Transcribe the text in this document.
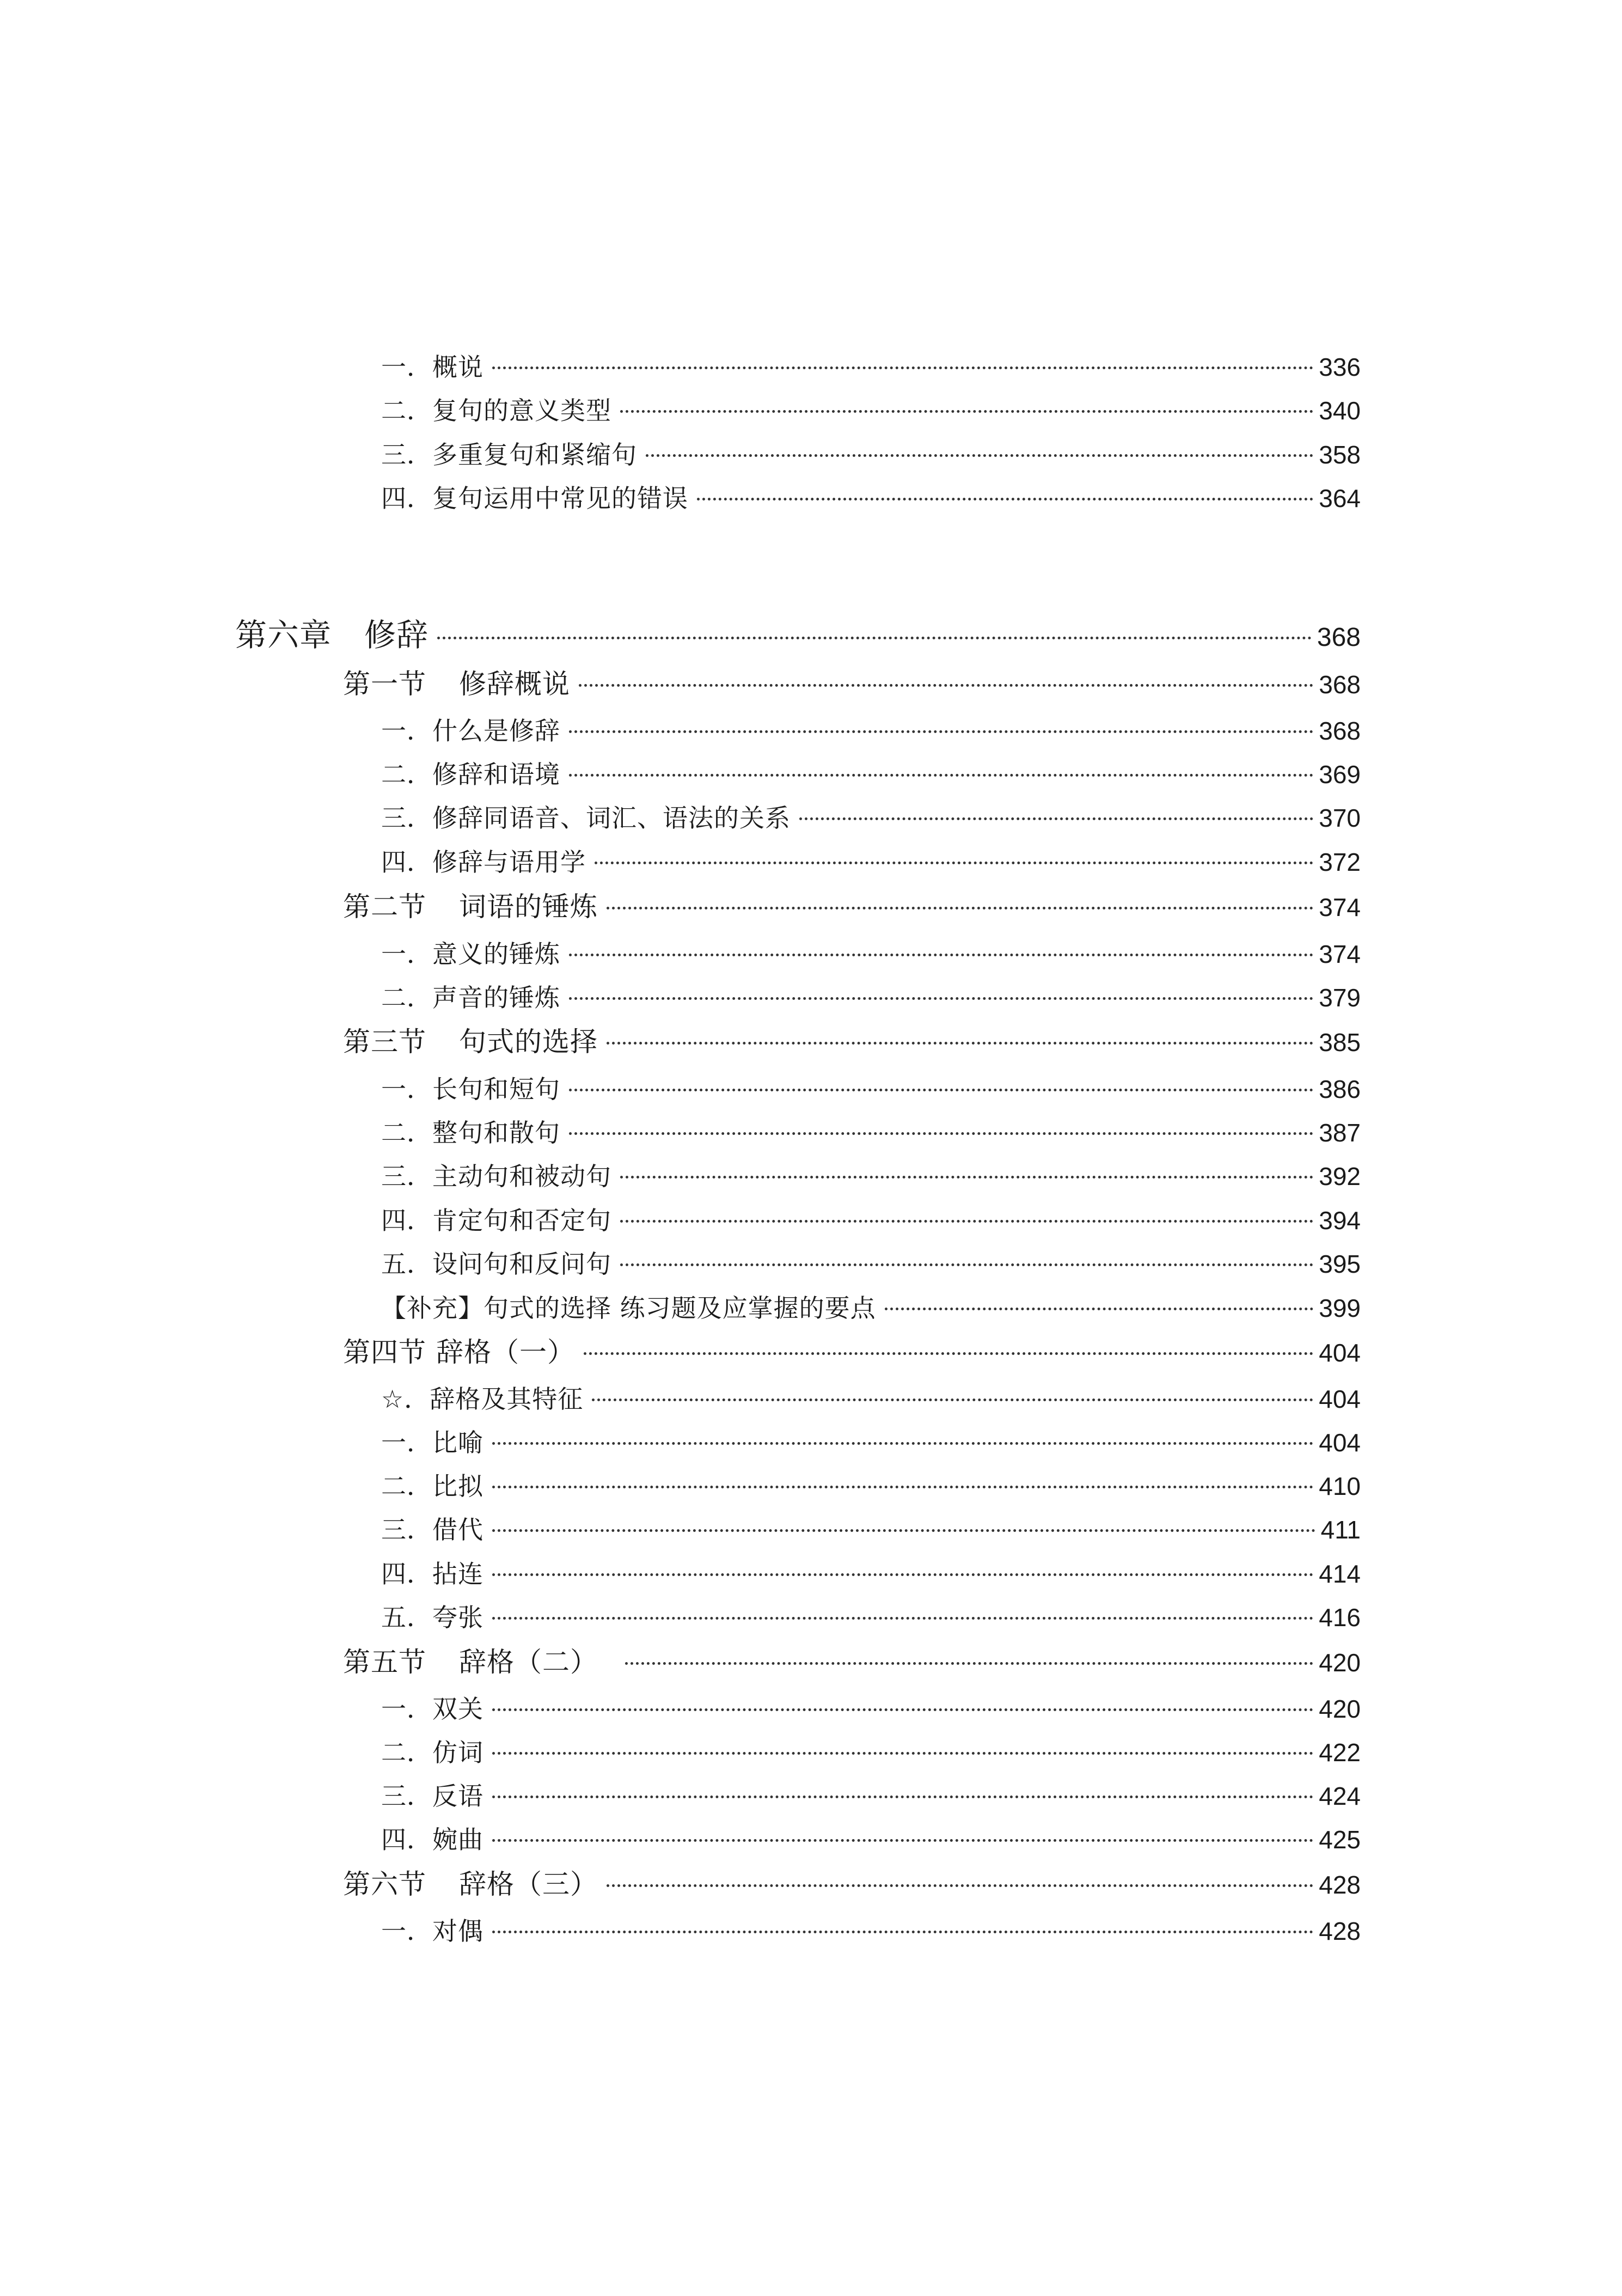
一．概说	336
二．复句的意义类型	340
三．多重复句和紧缩句	358
四．复句运用中常见的错误	364
第六章 修辞	368
第一节 修辞概说	368
一．什么是修辞	368
二．修辞和语境	369
三．修辞同语音、词汇、语法的关系	370
四．修辞与语用学	372
第二节 词语的锤炼	374
一．意义的锤炼	374
二．声音的锤炼	379
第三节 句式的选择	385
一．长句和短句	386
二．整句和散句	387
三．主动句和被动句	392
四．肯定句和否定句	394
五．设问句和反问句	395
【补充】句式的选择 练习题及应掌握的要点	399
第四节 辞格（一）	404
☆．辞格及其特征	404
一．比喻	404
二．比拟	410
三．借代	411
四．拈连	414
五．夸张	416
第五节 辞格（二）	420
一．双关	420
二．仿词	422
三．反语	424
四．婉曲	425
第六节 辞格（三）	428
一．对偶	428
